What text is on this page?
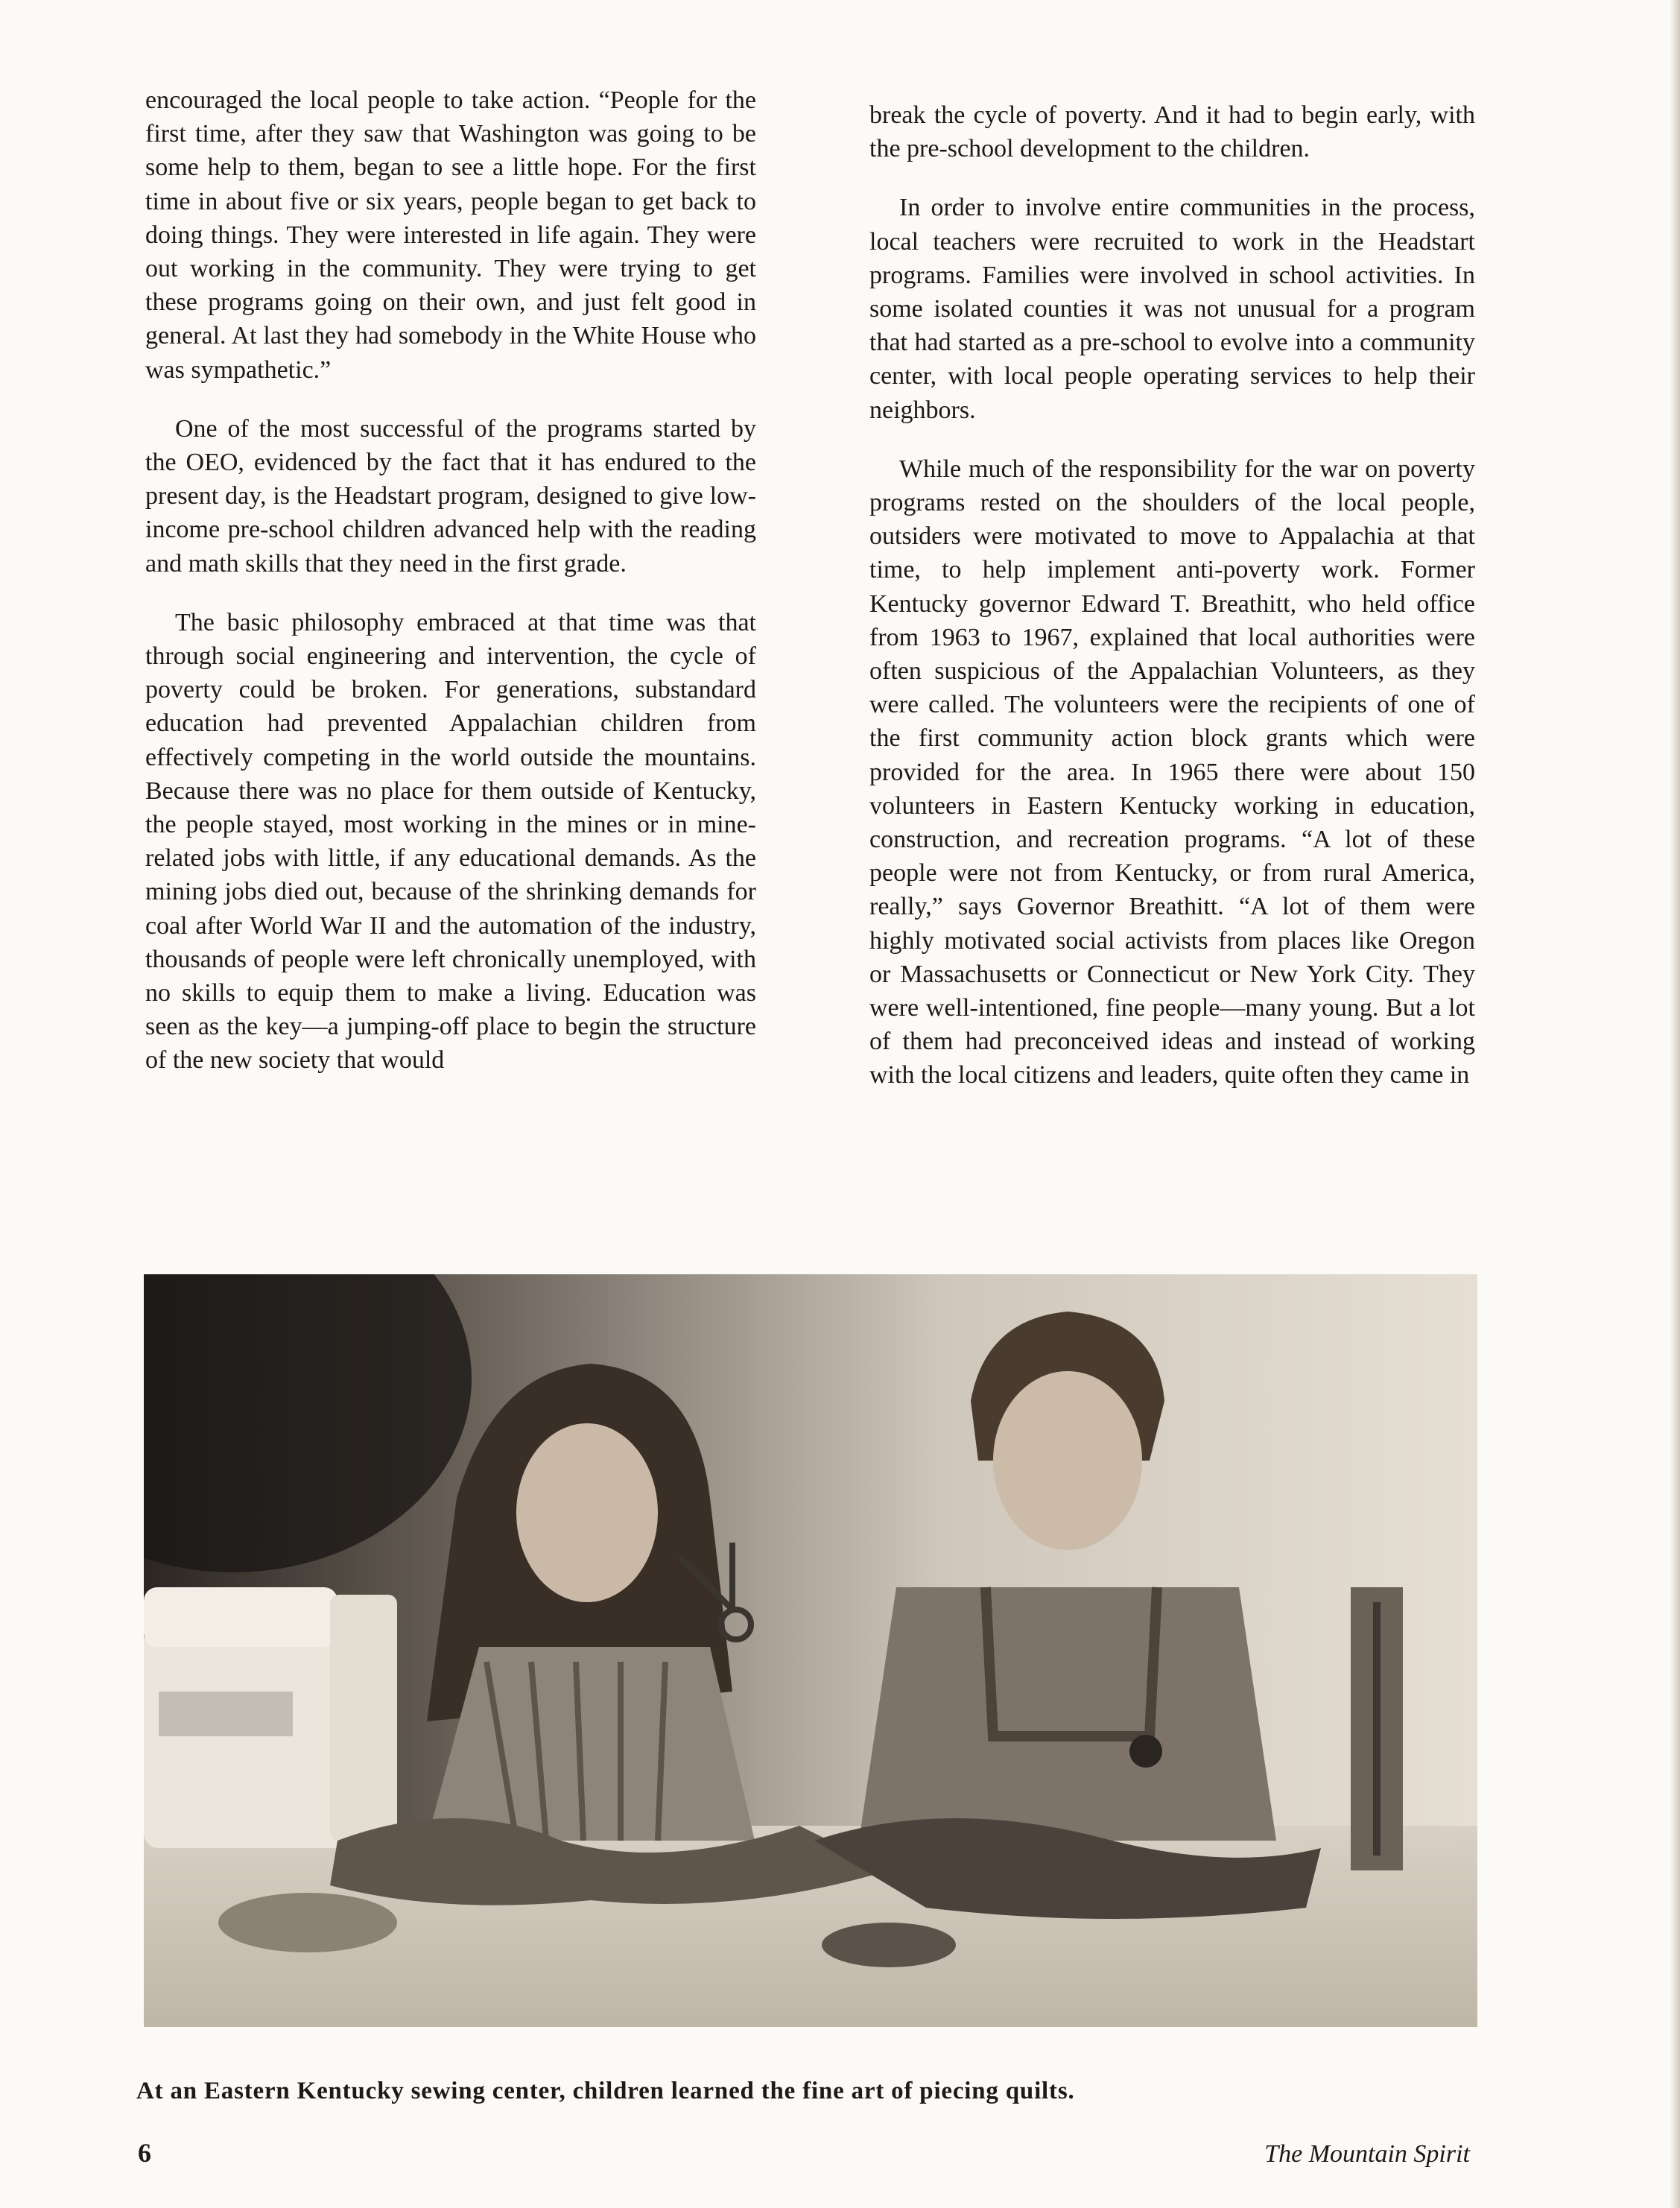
encouraged the local people to take action. “People for the first time, after they saw that Washington was going to be some help to them, began to see a little hope. For the first time in about five or six years, people began to get back to doing things. They were interested in life again. They were out working in the community. They were trying to get these programs going on their own, and just felt good in general. At last they had somebody in the White House who was sympathetic.”

One of the most successful of the programs started by the OEO, evidenced by the fact that it has endured to the present day, is the Headstart program, designed to give low-income pre-school children advanced help with the reading and math skills that they need in the first grade.

The basic philosophy embraced at that time was that through social engineering and intervention, the cycle of poverty could be broken. For generations, substandard education had prevented Appalachian children from effectively competing in the world outside the mountains. Because there was no place for them outside of Kentucky, the people stayed, most working in the mines or in mine-related jobs with little, if any educational demands. As the mining jobs died out, because of the shrinking demands for coal after World War II and the automation of the industry, thousands of people were left chronically unemployed, with no skills to equip them to make a living. Education was seen as the key—a jumping-off place to begin the structure of the new society that would

break the cycle of poverty. And it had to begin early, with the pre-school development to the children.

In order to involve entire communities in the process, local teachers were recruited to work in the Headstart programs. Families were involved in school activities. In some isolated counties it was not unusual for a program that had started as a pre-school to evolve into a community center, with local people operating services to help their neighbors.

While much of the responsibility for the war on poverty programs rested on the shoulders of the local people, outsiders were motivated to move to Appalachia at that time, to help implement anti-poverty work. Former Kentucky governor Edward T. Breathitt, who held office from 1963 to 1967, explained that local authorities were often suspicious of the Appalachian Volunteers, as they were called. The volunteers were the recipients of one of the first community action block grants which were provided for the area. In 1965 there were about 150 volunteers in Eastern Kentucky working in education, construction, and recreation programs. “A lot of these people were not from Kentucky, or from rural America, really,” says Governor Breathitt. “A lot of them were highly motivated social activists from places like Oregon or Massachusetts or Connecticut or New York City. They were well-intentioned, fine people—many young. But a lot of them had preconceived ideas and instead of working with the local citizens and leaders, quite often they came in

At an Eastern Kentucky sewing center, children learned the fine art of piecing quilts.
6	The Mountain Spirit
